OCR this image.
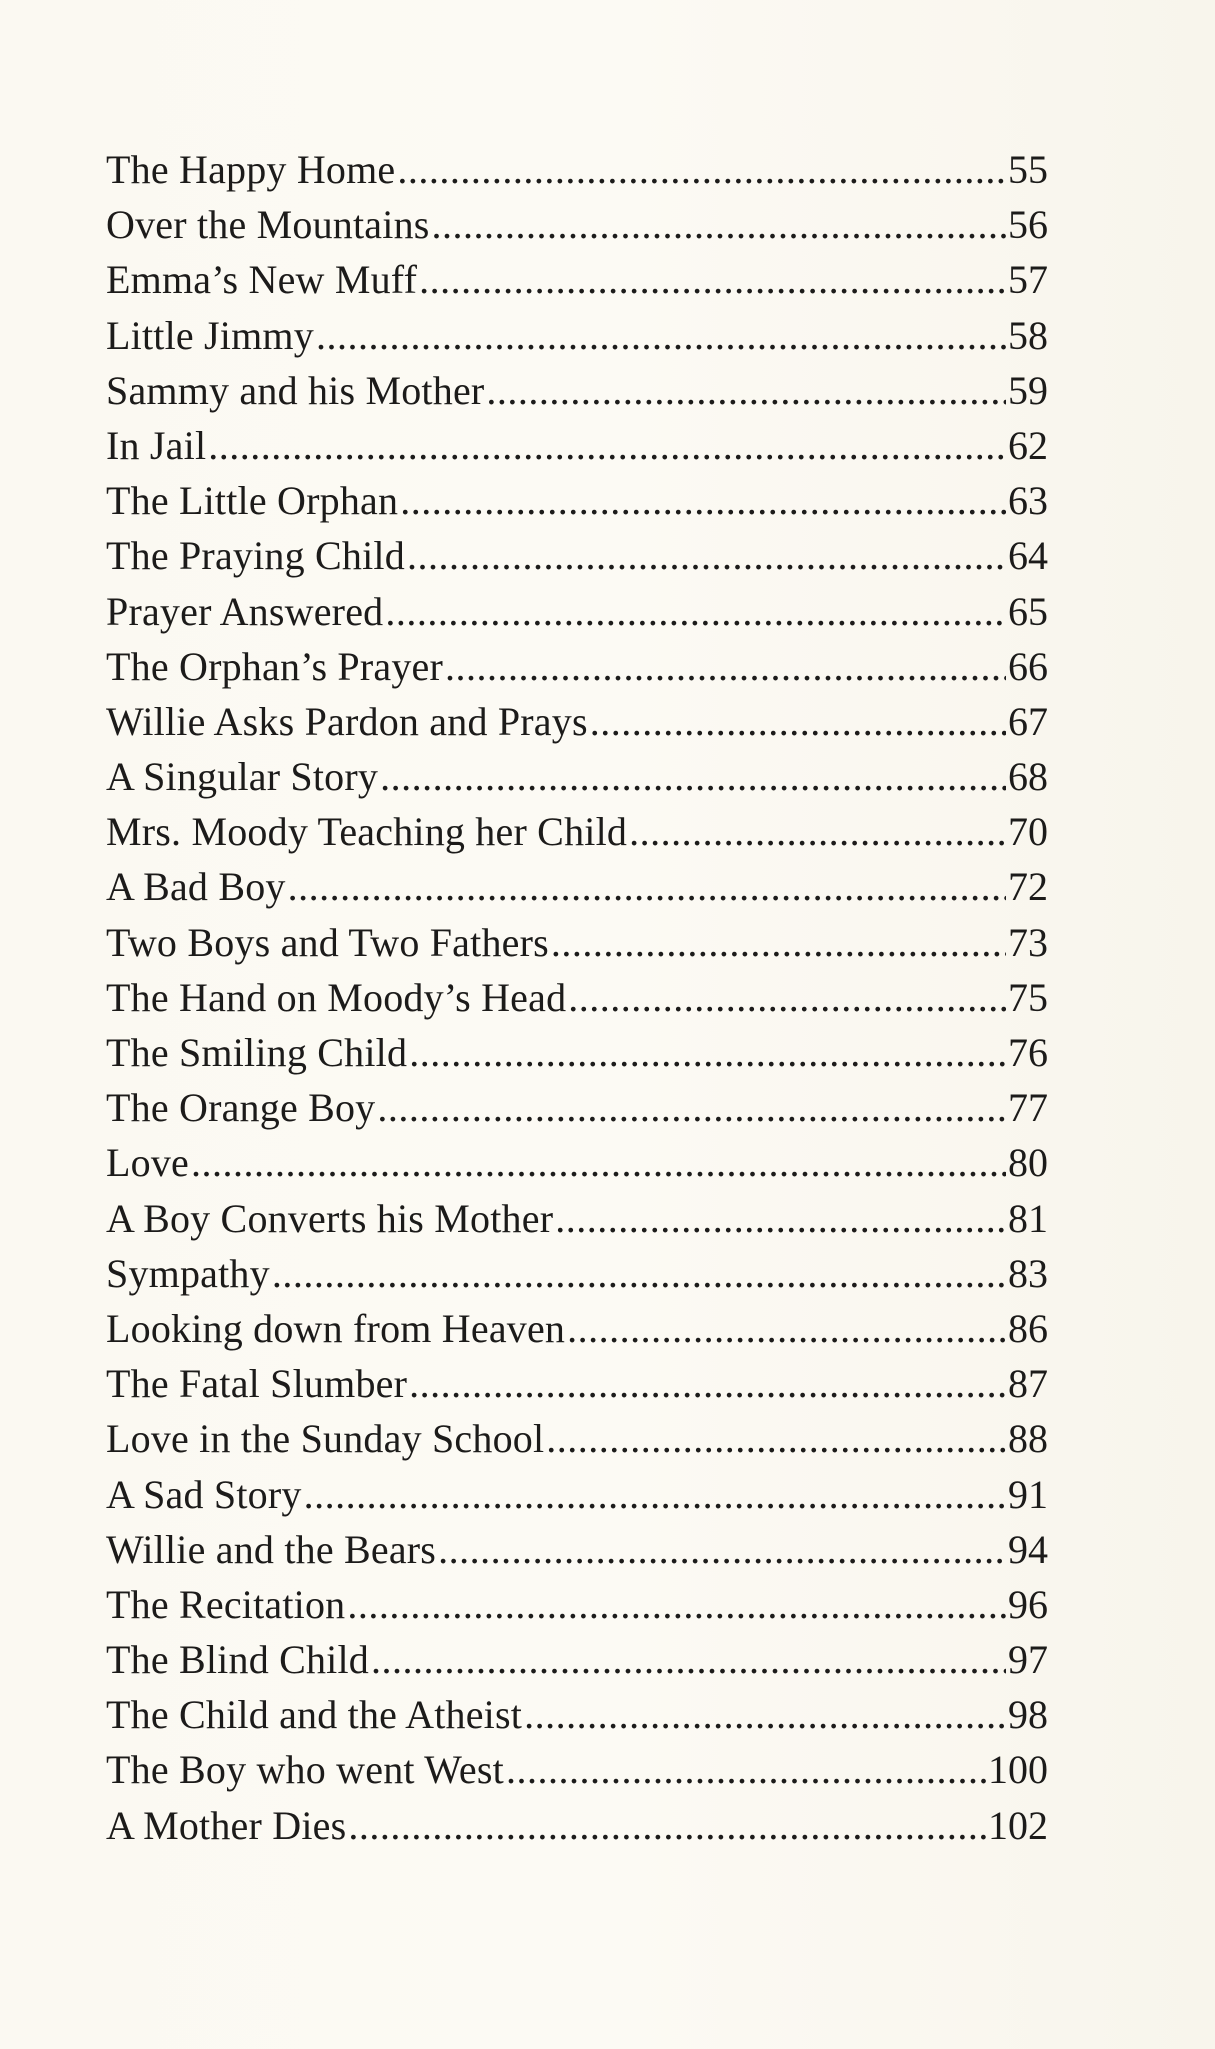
The Happy Home .....	55
Over the Mountains .....	56
Emma’s New Muff .....	57
Little Jimmy .....	58
Sammy and his Mother .....	59
In Jail .....	62
The Little Orphan .....	63
The Praying Child .....	64
Prayer Answered .....	65
The Orphan’s Prayer .....	66
Willie Asks Pardon and Prays .....	67
A Singular Story .....	68
Mrs. Moody Teaching her Child .....	70
A Bad Boy .....	72
Two Boys and Two Fathers .....	73
The Hand on Moody’s Head .....	75
The Smiling Child .....	76
The Orange Boy .....	77
Love .....	80
A Boy Converts his Mother .....	81
Sympathy .....	83
Looking down from Heaven .....	86
The Fatal Slumber .....	87
Love in the Sunday School .....	88
A Sad Story .....	91
Willie and the Bears .....	94
The Recitation .....	96
The Blind Child .....	97
The Child and the Atheist .....	98
The Boy who went West .....	100
A Mother Dies .....	102
